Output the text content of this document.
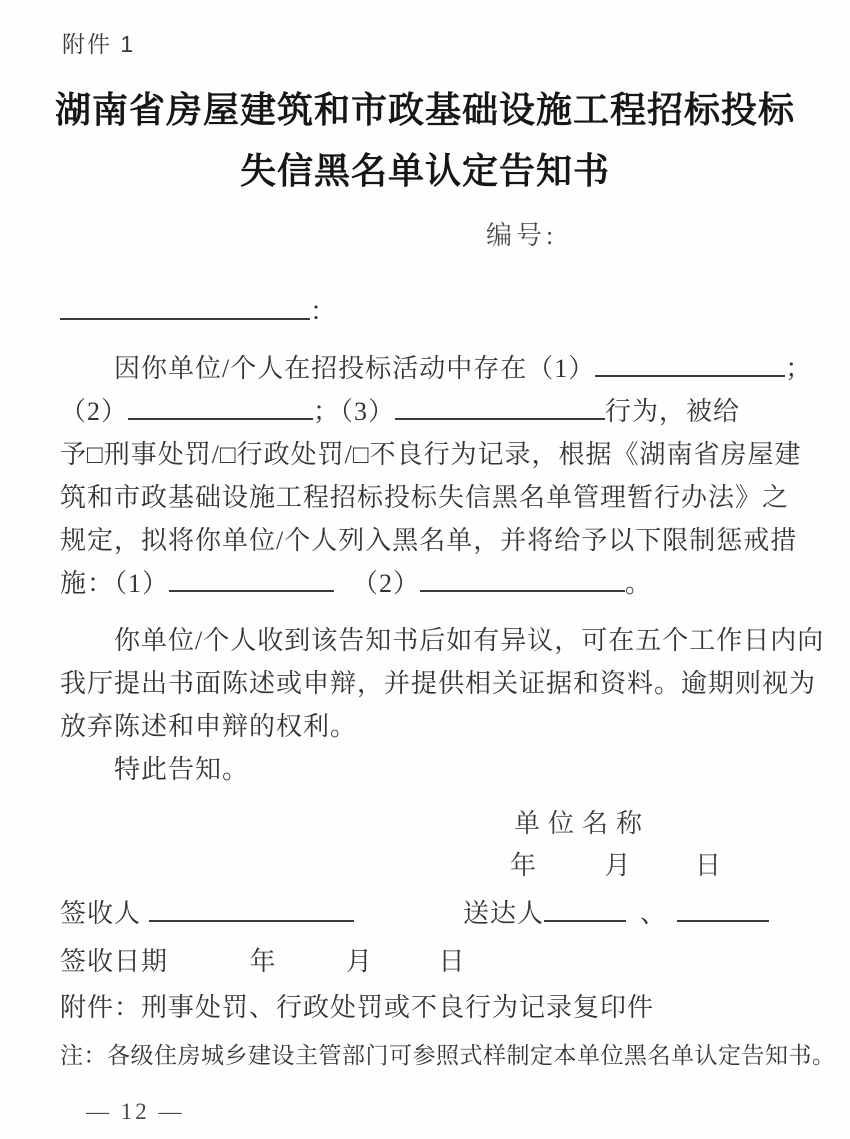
附件 1
湖南省房屋建筑和市政基础设施工程招标投标
失信黑名单认定告知书
编号:
：
因你单位/个人在招投标活动中存在（1）	；
（2）	；（3）	行为，被给
予□刑事处罚/□行政处罚/□不良行为记录，根据《湖南省房屋建
筑和市政基础设施工程招标投标失信黑名单管理暂行办法》之
规定，拟将你单位/个人列入黑名单，并将给予以下限制惩戒措
施：（1）	（2）	。
你单位/个人收到该告知书后如有异议，可在五个工作日内向
我厅提出书面陈述或申辩，并提供相关证据和资料。逾期则视为
放弃陈述和申辩的权利。
特此告知。
单位名称
年	月 日
签收人	送达人	、
签收日期	年	月	日
附件：刑事处罚、行政处罚或不良行为记录复印件
注：各级住房城乡建设主管部门可参照式样制定本单位黑名单认定告知书。
— 12 —
